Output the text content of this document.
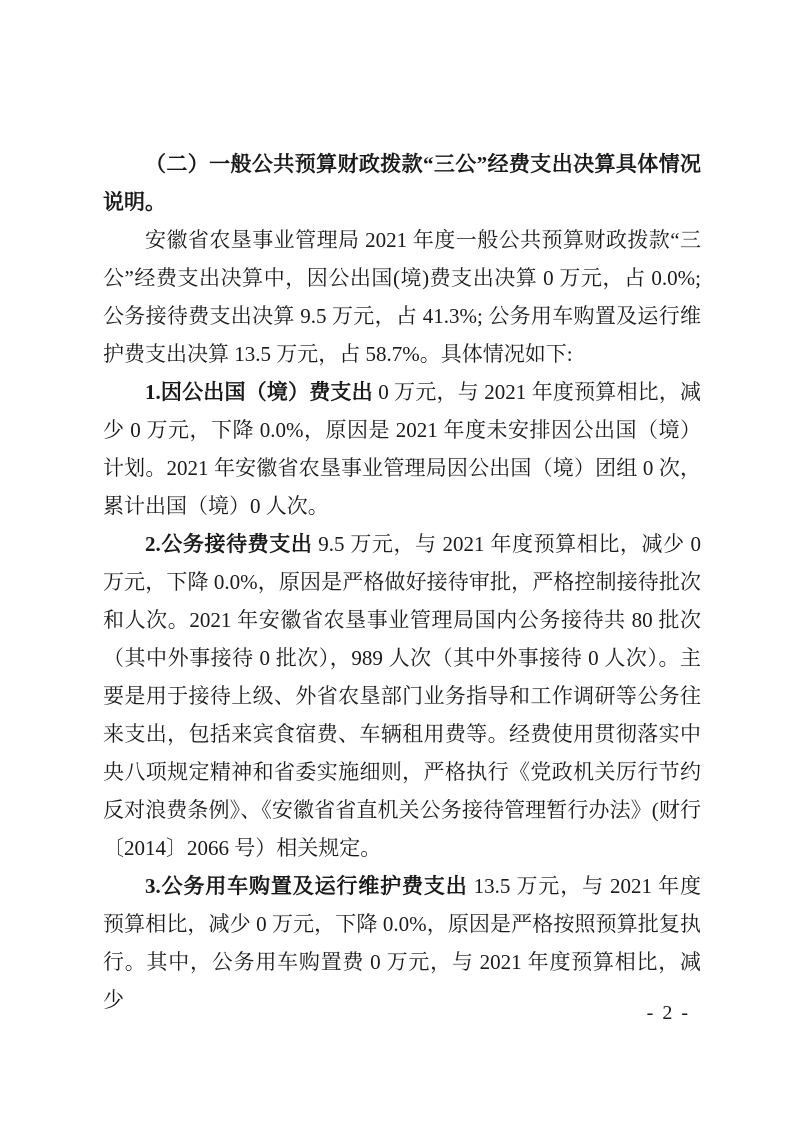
（二）一般公共预算财政拨款“三公”经费支出决算具体情况说明。

安徽省农垦事业管理局 2021 年度一般公共预算财政拨款“三公”经费支出决算中，因公出国(境)费支出决算 0 万元，占 0.0%; 公务接待费支出决算 9.5 万元，占 41.3%; 公务用车购置及运行维护费支出决算 13.5 万元，占 58.7%。具体情况如下:

1.因公出国（境）费支出 0 万元，与 2021 年度预算相比，减少 0 万元，下降 0.0%，原因是 2021 年度未安排因公出国（境）计划。2021 年安徽省农垦事业管理局因公出国（境）团组 0 次，累计出国（境）0 人次。

2.公务接待费支出 9.5 万元，与 2021 年度预算相比，减少 0 万元，下降 0.0%，原因是严格做好接待审批，严格控制接待批次和人次。2021 年安徽省农垦事业管理局国内公务接待共 80 批次（其中外事接待 0 批次），989 人次（其中外事接待 0 人次）。主要是用于接待上级、外省农垦部门业务指导和工作调研等公务往来支出，包括来宾食宿费、车辆租用费等。经费使用贯彻落实中央八项规定精神和省委实施细则，严格执行《党政机关厉行节约反对浪费条例》、《安徽省省直机关公务接待管理暂行办法》(财行〔2014〕2066 号）相关规定。

3.公务用车购置及运行维护费支出 13.5 万元，与 2021 年度预算相比，减少 0 万元，下降 0.0%，原因是严格按照预算批复执行。其中，公务用车购置费 0 万元，与 2021 年度预算相比，减少

- 2 -
